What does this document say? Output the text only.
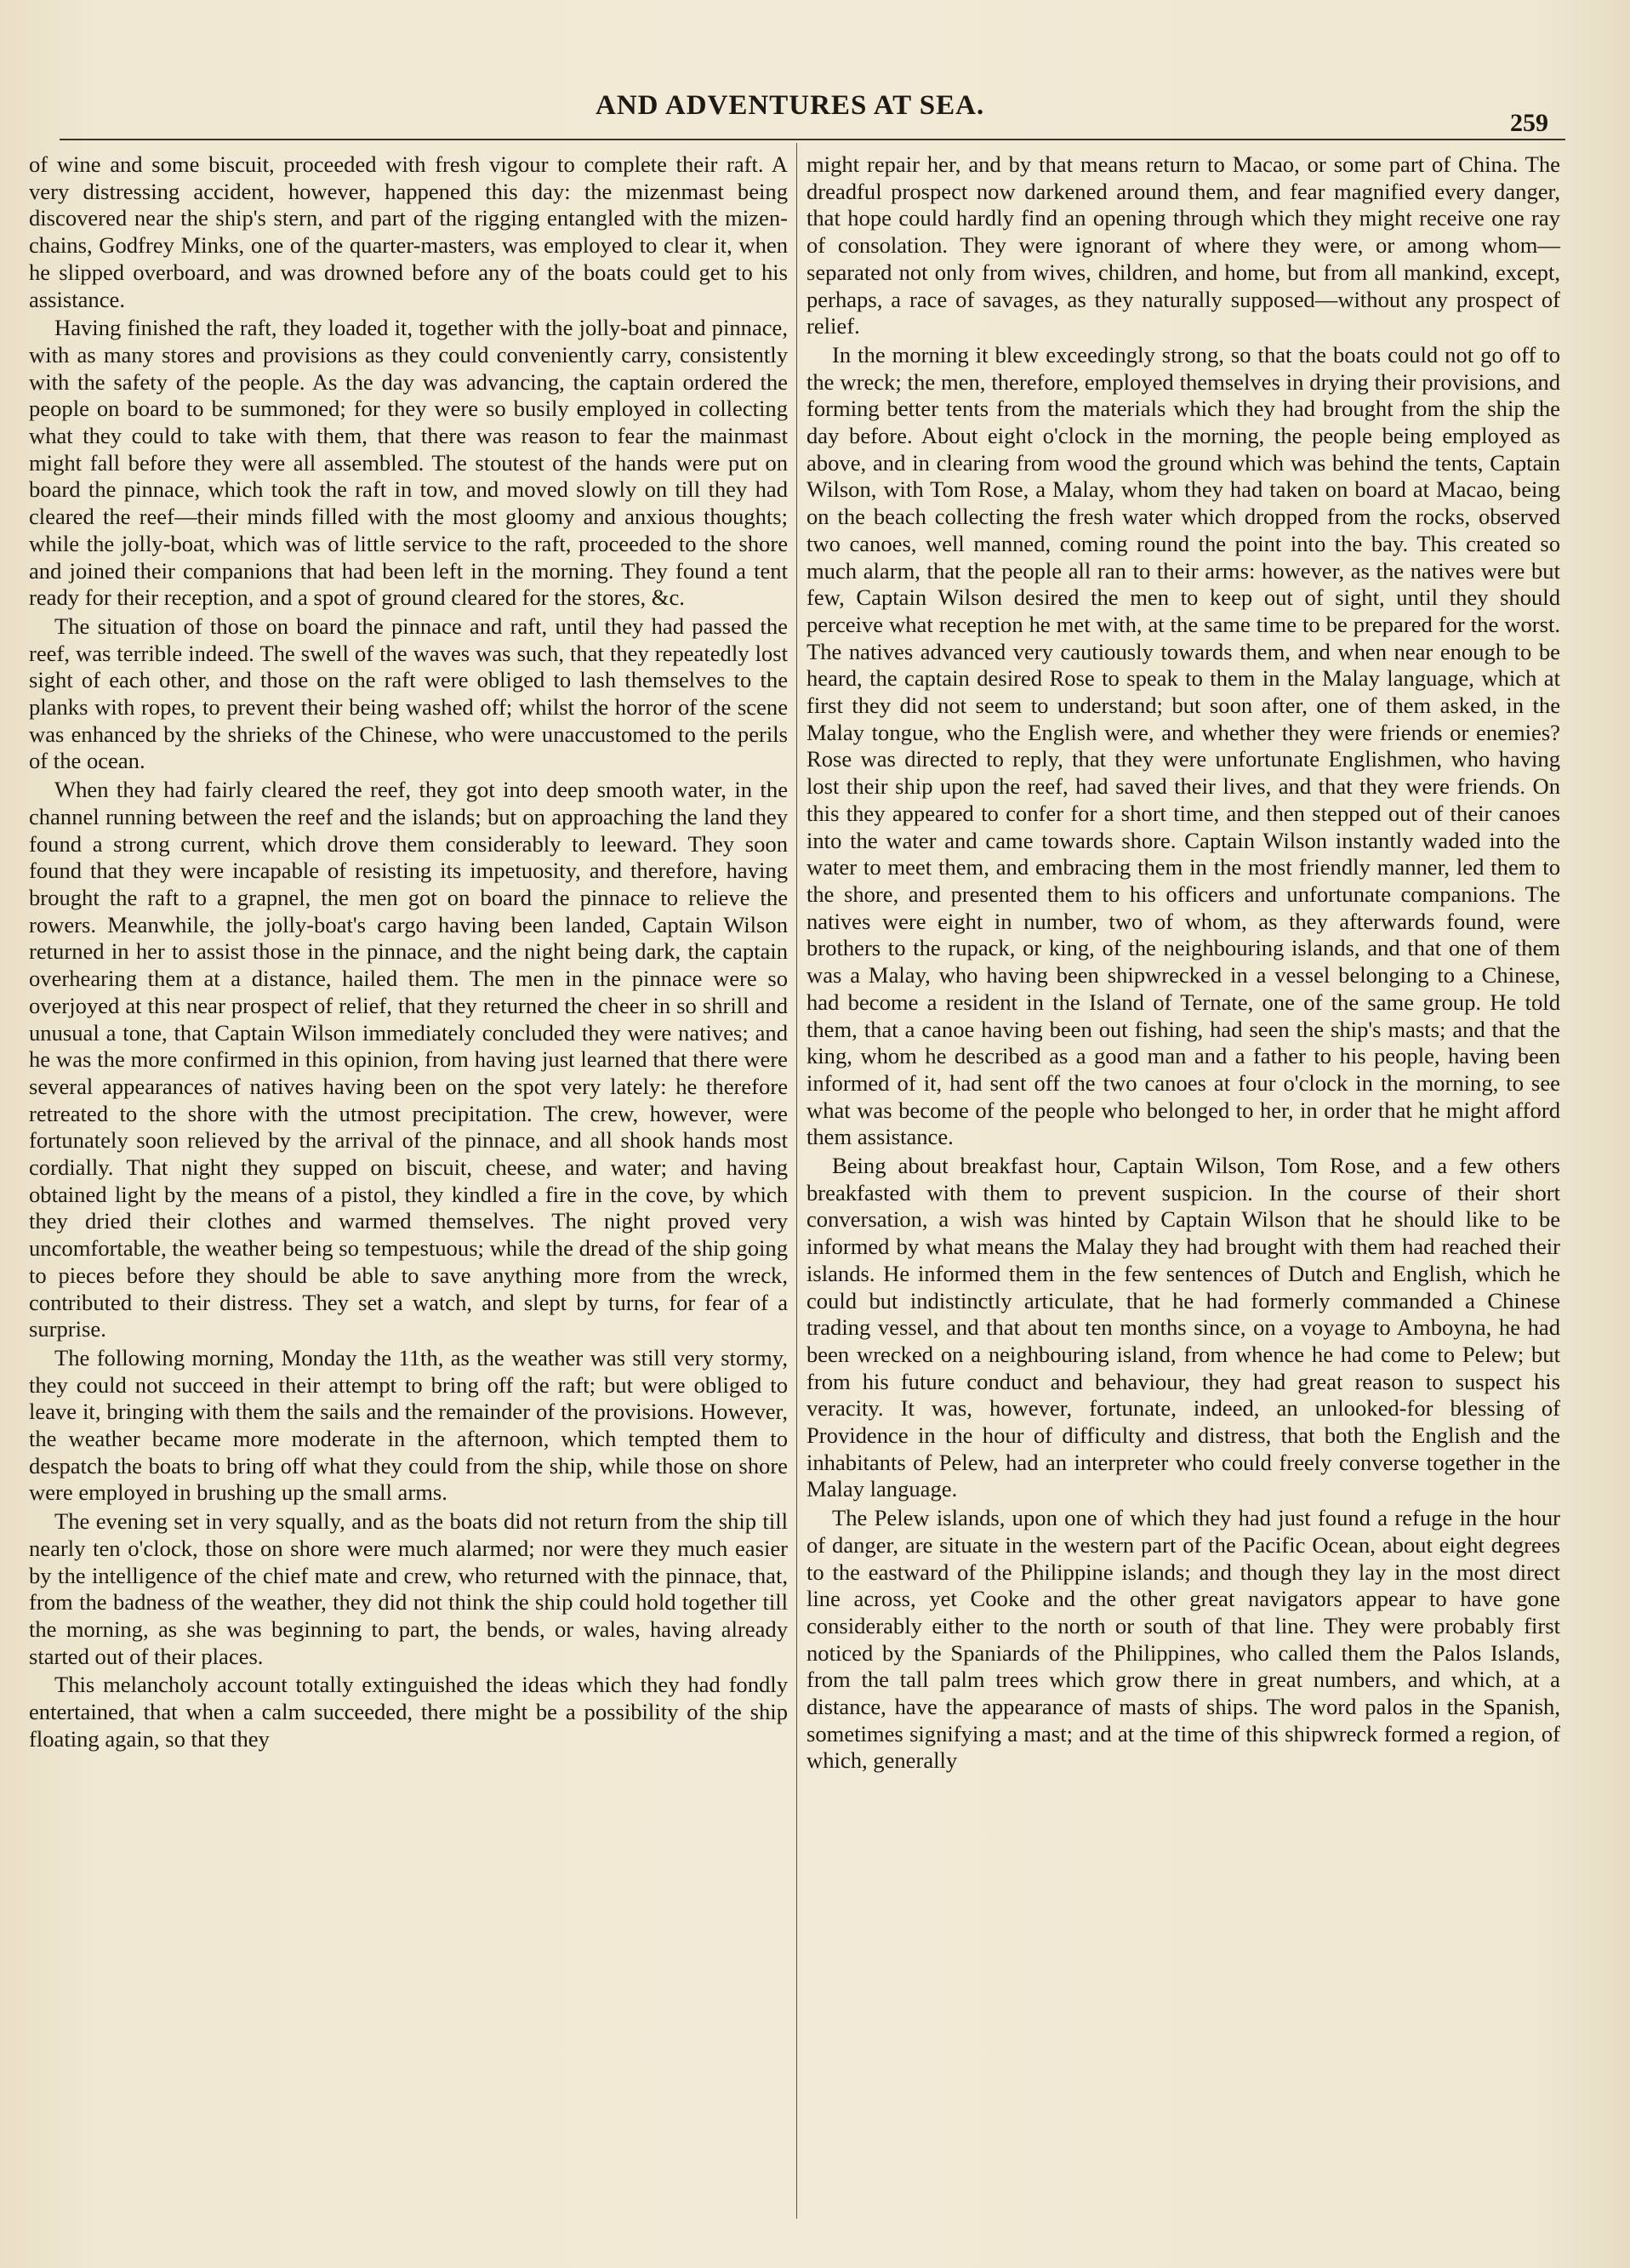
AND ADVENTURES AT SEA.
259

of wine and some biscuit, proceeded with fresh vigour to complete their raft. A very distressing accident, however, happened this day: the mizenmast being discovered near the ship's stern, and part of the rigging entangled with the mizen-chains, Godfrey Minks, one of the quarter-masters, was employed to clear it, when he slipped overboard, and was drowned before any of the boats could get to his assistance.

Having finished the raft, they loaded it, together with the jolly-boat and pinnace, with as many stores and provisions as they could conveniently carry, consistently with the safety of the people. As the day was advancing, the captain ordered the people on board to be summoned; for they were so busily employed in collecting what they could to take with them, that there was reason to fear the mainmast might fall before they were all assembled. The stoutest of the hands were put on board the pinnace, which took the raft in tow, and moved slowly on till they had cleared the reef—their minds filled with the most gloomy and anxious thoughts; while the jolly-boat, which was of little service to the raft, proceeded to the shore and joined their companions that had been left in the morning. They found a tent ready for their reception, and a spot of ground cleared for the stores, &c.

The situation of those on board the pinnace and raft, until they had passed the reef, was terrible indeed. The swell of the waves was such, that they repeatedly lost sight of each other, and those on the raft were obliged to lash themselves to the planks with ropes, to prevent their being washed off; whilst the horror of the scene was enhanced by the shrieks of the Chinese, who were unaccustomed to the perils of the ocean.

When they had fairly cleared the reef, they got into deep smooth water, in the channel running between the reef and the islands; but on approaching the land they found a strong current, which drove them considerably to leeward. They soon found that they were incapable of resisting its impetuosity, and therefore, having brought the raft to a grapnel, the men got on board the pinnace to relieve the rowers. Meanwhile, the jolly-boat's cargo having been landed, Captain Wilson returned in her to assist those in the pinnace, and the night being dark, the captain overhearing them at a distance, hailed them. The men in the pinnace were so overjoyed at this near prospect of relief, that they returned the cheer in so shrill and unusual a tone, that Captain Wilson immediately concluded they were natives; and he was the more confirmed in this opinion, from having just learned that there were several appearances of natives having been on the spot very lately: he therefore retreated to the shore with the utmost precipitation. The crew, however, were fortunately soon relieved by the arrival of the pinnace, and all shook hands most cordially. That night they supped on biscuit, cheese, and water; and having obtained light by the means of a pistol, they kindled a fire in the cove, by which they dried their clothes and warmed themselves. The night proved very uncomfortable, the weather being so tempestuous; while the dread of the ship going to pieces before they should be able to save anything more from the wreck, contributed to their distress. They set a watch, and slept by turns, for fear of a surprise.

The following morning, Monday the 11th, as the weather was still very stormy, they could not succeed in their attempt to bring off the raft; but were obliged to leave it, bringing with them the sails and the remainder of the provisions. However, the weather became more moderate in the afternoon, which tempted them to despatch the boats to bring off what they could from the ship, while those on shore were employed in brushing up the small arms.

The evening set in very squally, and as the boats did not return from the ship till nearly ten o'clock, those on shore were much alarmed; nor were they much easier by the intelligence of the chief mate and crew, who returned with the pinnace, that, from the badness of the weather, they did not think the ship could hold together till the morning, as she was beginning to part, the bends, or wales, having already started out of their places.

This melancholy account totally extinguished the ideas which they had fondly entertained, that when a calm succeeded, there might be a possibility of the ship floating again, so that they

might repair her, and by that means return to Macao, or some part of China. The dreadful prospect now darkened around them, and fear magnified every danger, that hope could hardly find an opening through which they might receive one ray of consolation. They were ignorant of where they were, or among whom—separated not only from wives, children, and home, but from all mankind, except, perhaps, a race of savages, as they naturally supposed—without any prospect of relief.

In the morning it blew exceedingly strong, so that the boats could not go off to the wreck; the men, therefore, employed themselves in drying their provisions, and forming better tents from the materials which they had brought from the ship the day before. About eight o'clock in the morning, the people being employed as above, and in clearing from wood the ground which was behind the tents, Captain Wilson, with Tom Rose, a Malay, whom they had taken on board at Macao, being on the beach collecting the fresh water which dropped from the rocks, observed two canoes, well manned, coming round the point into the bay. This created so much alarm, that the people all ran to their arms: however, as the natives were but few, Captain Wilson desired the men to keep out of sight, until they should perceive what reception he met with, at the same time to be prepared for the worst. The natives advanced very cautiously towards them, and when near enough to be heard, the captain desired Rose to speak to them in the Malay language, which at first they did not seem to understand; but soon after, one of them asked, in the Malay tongue, who the English were, and whether they were friends or enemies? Rose was directed to reply, that they were unfortunate Englishmen, who having lost their ship upon the reef, had saved their lives, and that they were friends. On this they appeared to confer for a short time, and then stepped out of their canoes into the water and came towards shore. Captain Wilson instantly waded into the water to meet them, and embracing them in the most friendly manner, led them to the shore, and presented them to his officers and unfortunate companions. The natives were eight in number, two of whom, as they afterwards found, were brothers to the rupack, or king, of the neighbouring islands, and that one of them was a Malay, who having been shipwrecked in a vessel belonging to a Chinese, had become a resident in the Island of Ternate, one of the same group. He told them, that a canoe having been out fishing, had seen the ship's masts; and that the king, whom he described as a good man and a father to his people, having been informed of it, had sent off the two canoes at four o'clock in the morning, to see what was become of the people who belonged to her, in order that he might afford them assistance.

Being about breakfast hour, Captain Wilson, Tom Rose, and a few others breakfasted with them to prevent suspicion. In the course of their short conversation, a wish was hinted by Captain Wilson that he should like to be informed by what means the Malay they had brought with them had reached their islands. He informed them in the few sentences of Dutch and English, which he could but indistinctly articulate, that he had formerly commanded a Chinese trading vessel, and that about ten months since, on a voyage to Amboyna, he had been wrecked on a neighbouring island, from whence he had come to Pelew; but from his future conduct and behaviour, they had great reason to suspect his veracity. It was, however, fortunate, indeed, an unlooked-for blessing of Providence in the hour of difficulty and distress, that both the English and the inhabitants of Pelew, had an interpreter who could freely converse together in the Malay language.

The Pelew islands, upon one of which they had just found a refuge in the hour of danger, are situate in the western part of the Pacific Ocean, about eight degrees to the eastward of the Philippine islands; and though they lay in the most direct line across, yet Cooke and the other great navigators appear to have gone considerably either to the north or south of that line. They were probably first noticed by the Spaniards of the Philippines, who called them the Palos Islands, from the tall palm trees which grow there in great numbers, and which, at a distance, have the appearance of masts of ships. The word palos in the Spanish, sometimes signifying a mast; and at the time of this shipwreck formed a region, of which, generally
